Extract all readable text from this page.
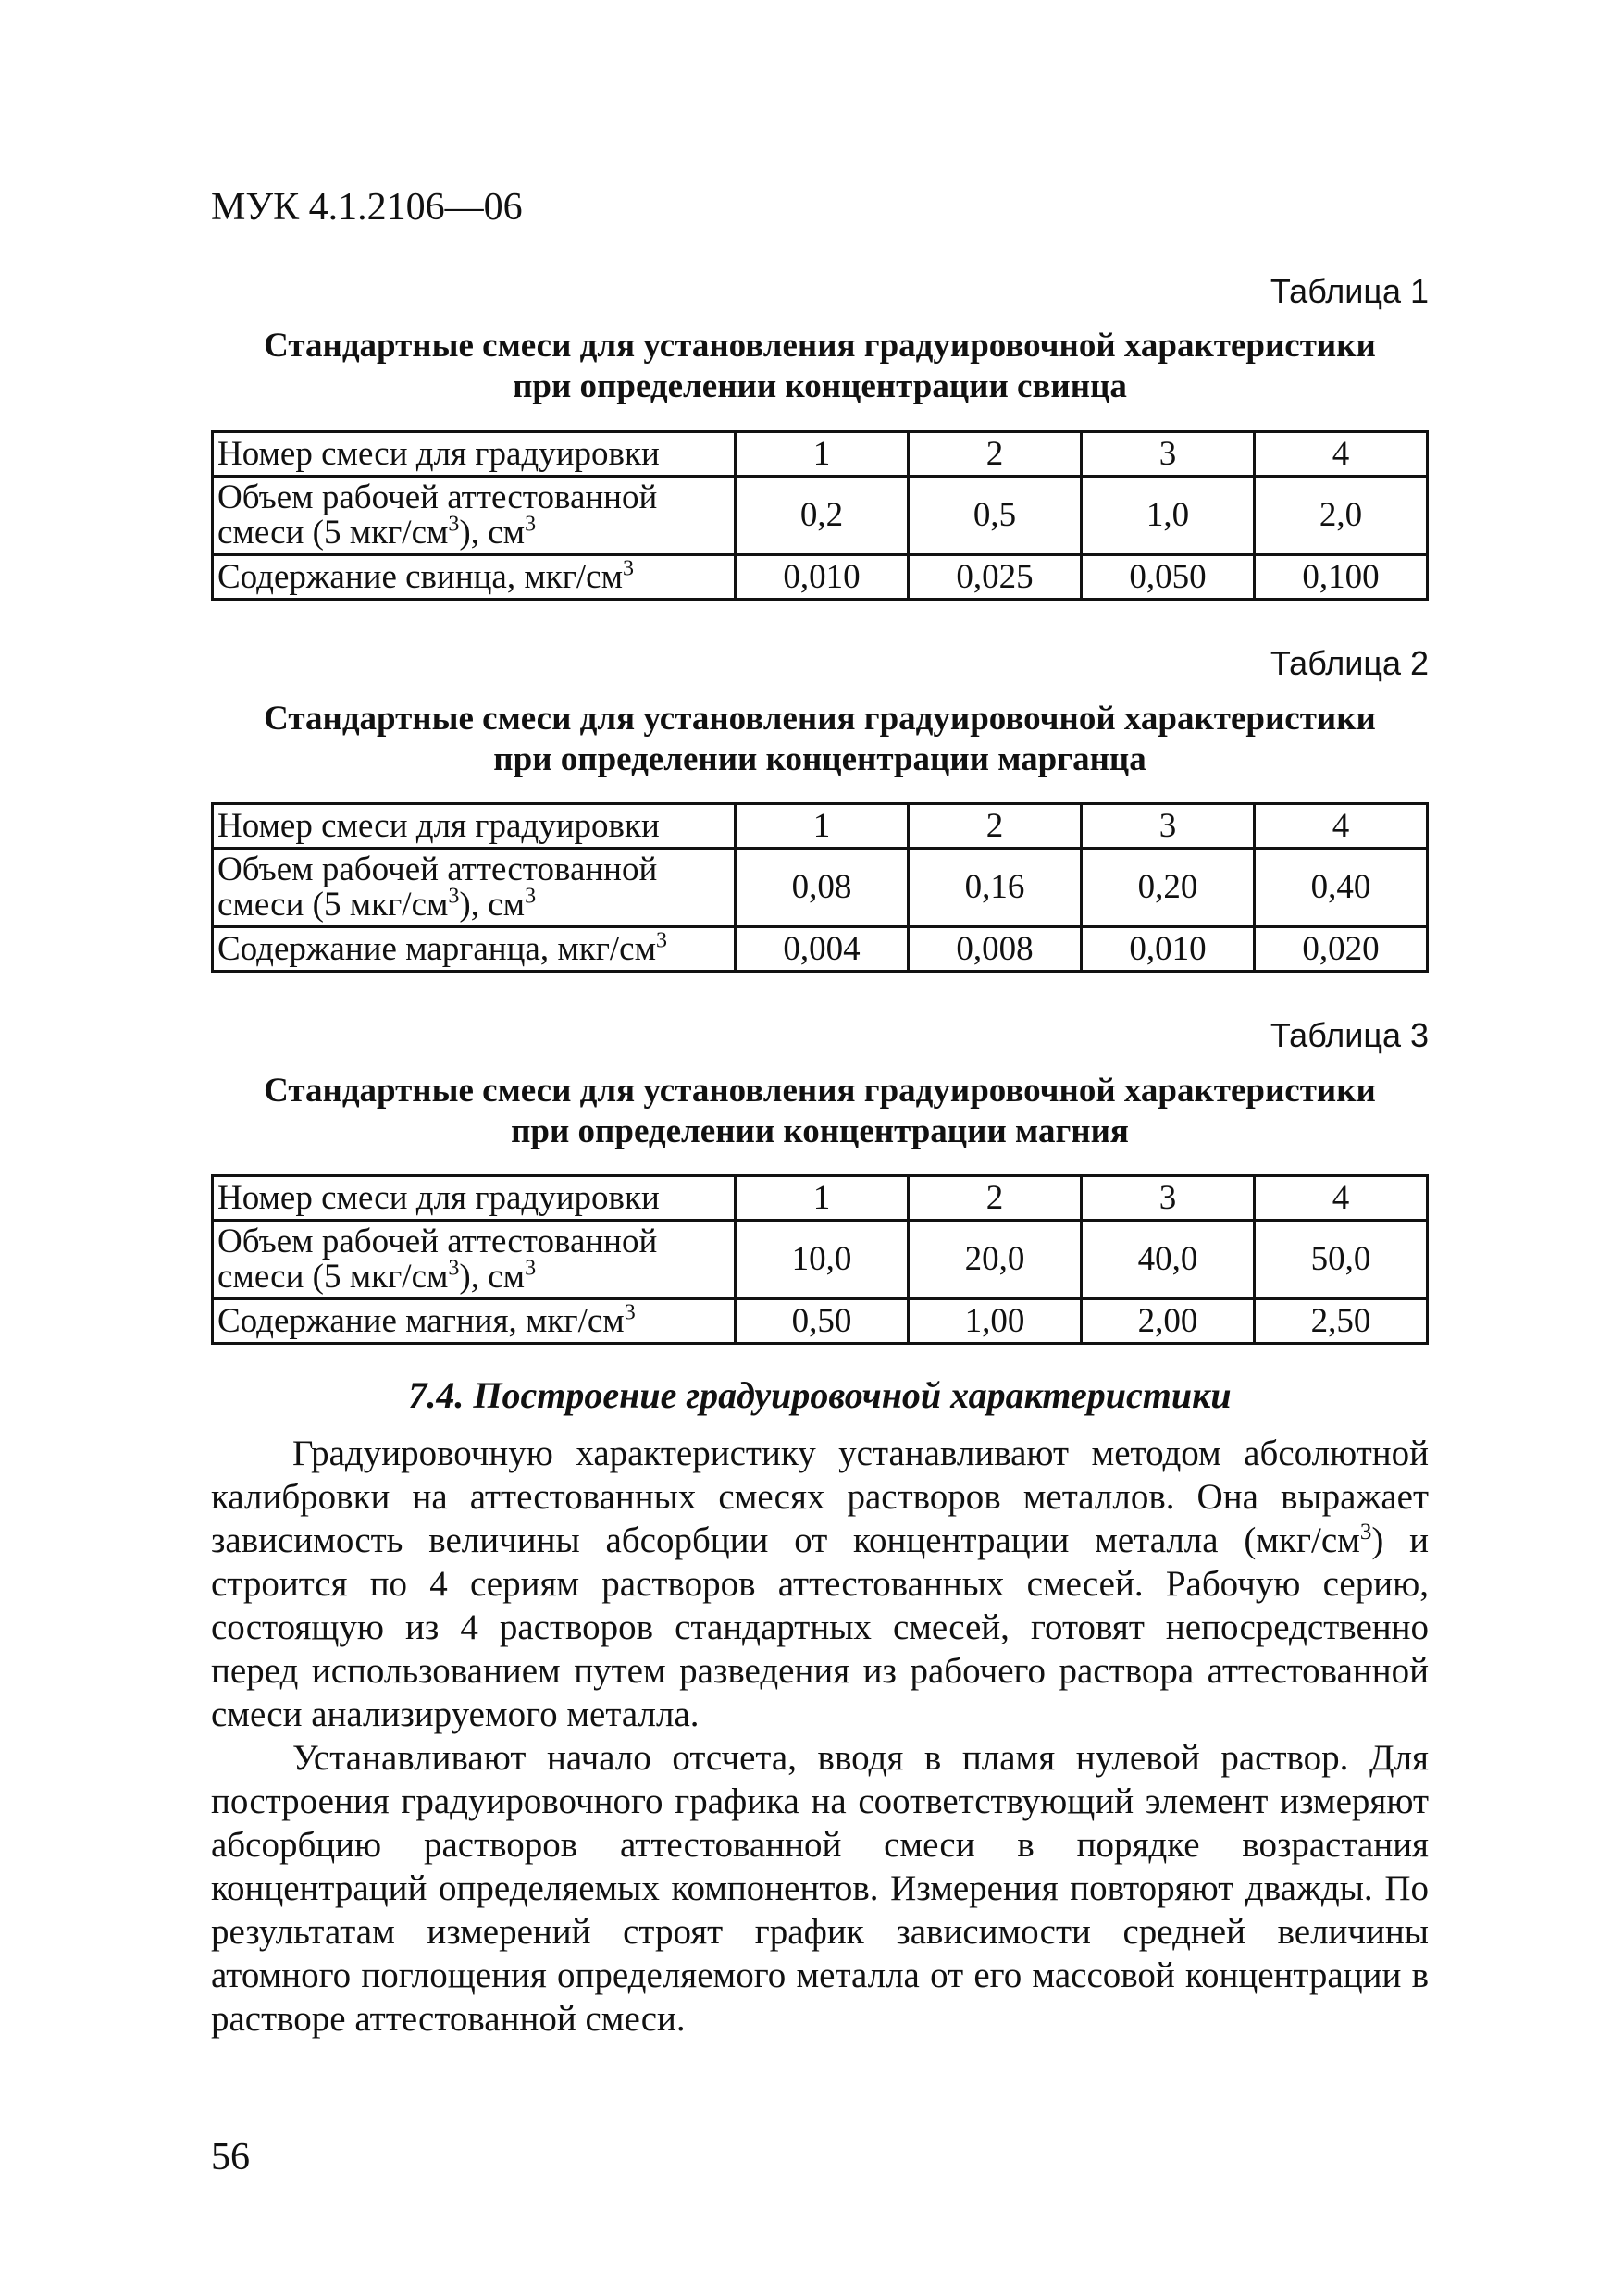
МУК 4.1.2106—06
Таблица 1
Стандартные смеси для установления градуировочной характеристики
при определении концентрации свинца
Номер смеси для градуировки	1	2	3	4
Объем рабочей аттестованной
смеси (5 мкг/$см^3$), $см^3$	0,2	0,5	1,0	2,0
Содержание свинца, мкг/$см^3$	0,010	0,025	0,050	0,100
Таблица 2
Стандартные смеси для установления градуировочной характеристики
при определении концентрации марганца
Номер смеси для градуировки	1	2	3	4
Объем рабочей аттестованной
смеси (5 мкг/$см^3$), $см^3$	0,08	0,16	0,20	0,40
Содержание марганца, мкг/$см^3$	0,004	0,008	0,010	0,020
Таблица 3
Стандартные смеси для установления градуировочной характеристики
при определении концентрации магния
Номер смеси для градуировки	1	2	3	4
Объем рабочей аттестованной
смеси (5 мкг/$см^3$), $см^3$	10,0	20,0	40,0	50,0
Содержание магния, мкг/$см^3$	0,50	1,00	2,00	2,50
7.4. Построение градуировочной характеристики

Градуировочную характеристику устанавливают методом абсолютной калибровки на аттестованных смесях растворов металлов. Она выражает зависимость величины абсорбции от концентрации металла $(мкг/см^3)$ и строится по 4 сериям растворов аттестованных смесей. Рабочую серию, состоящую из 4 растворов стандартных смесей, готовят непосредственно перед использованием путем разведения из рабочего раствора аттестованной смеси анализируемого металла.

Устанавливают начало отсчета, вводя в пламя нулевой раствор. Для построения градуировочного графика на соответствующий элемент измеряют абсорбцию растворов аттестованной смеси в порядке возрастания концентраций определяемых компонентов. Измерения повторяют дважды. По результатам измерений строят график зависимости средней величины атомного поглощения определяемого металла от его массовой концентрации в растворе аттестованной смеси.

56
